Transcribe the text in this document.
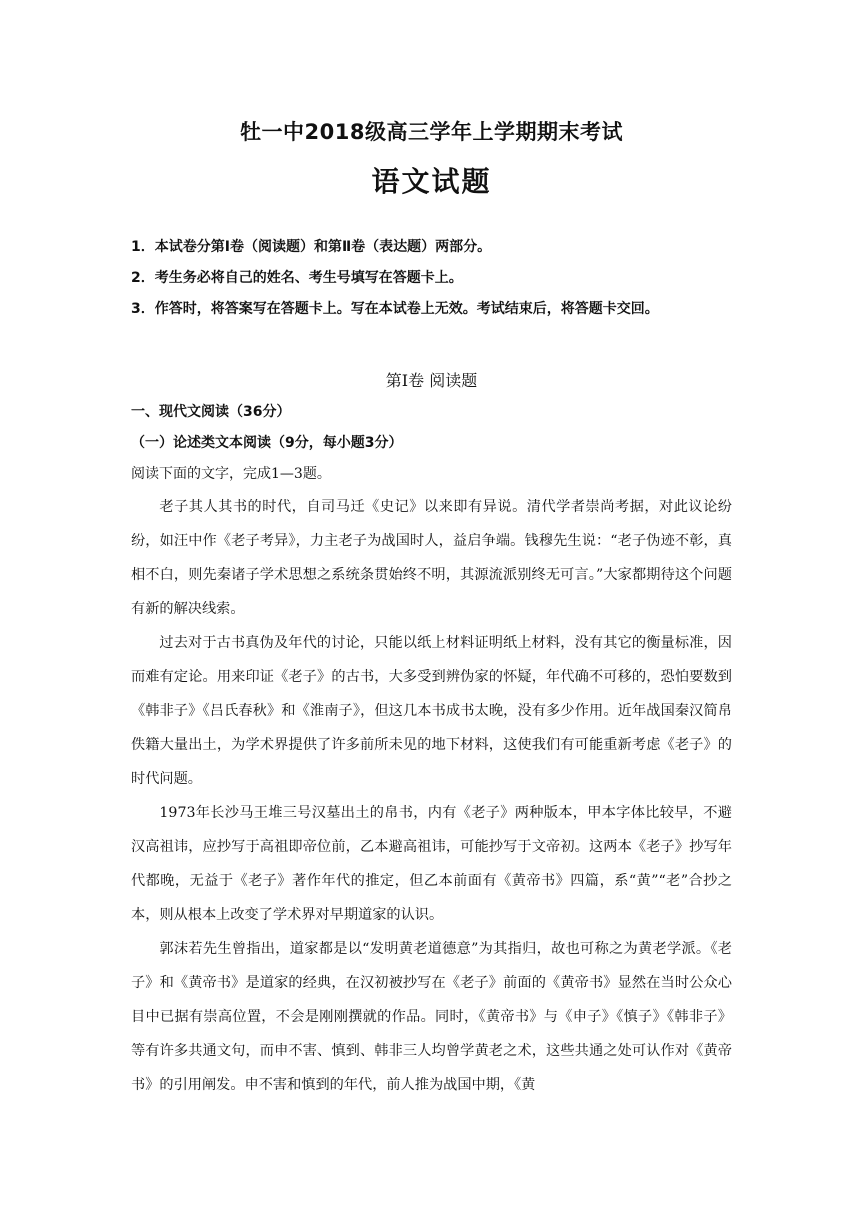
牡一中2018级高三学年上学期期末考试
语文试题
1．本试卷分第Ⅰ卷（阅读题）和第Ⅱ卷（表达题）两部分。
2．考生务必将自己的姓名、考生号填写在答题卡上。
3．作答时，将答案写在答题卡上。写在本试卷上无效。考试结束后，将答题卡交回。
第Ⅰ卷 阅读题
一、现代文阅读（36分）
（一）论述类文本阅读（9分，每小题3分）
阅读下面的文字，完成1—3题。

老子其人其书的时代，自司马迁《史记》以来即有异说。清代学者崇尚考据，对此议论纷纷，如汪中作《老子考异》，力主老子为战国时人，益启争端。钱穆先生说：“老子伪迹不彰，真相不白，则先秦诸子学术思想之系统条贯始终不明，其源流派别终无可言。”大家都期待这个问题有新的解决线索。

过去对于古书真伪及年代的讨论，只能以纸上材料证明纸上材料，没有其它的衡量标准，因而难有定论。用来印证《老子》的古书，大多受到辨伪家的怀疑，年代确不可移的，恐怕要数到《韩非子》《吕氏春秋》和《淮南子》，但这几本书成书太晚，没有多少作用。近年战国秦汉简帛佚籍大量出土，为学术界提供了许多前所未见的地下材料，这使我们有可能重新考虑《老子》的时代问题。

1973年长沙马王堆三号汉墓出土的帛书，内有《老子》两种版本，甲本字体比较早，不避汉高祖讳，应抄写于高祖即帝位前，乙本避高祖讳，可能抄写于文帝初。这两本《老子》抄写年代都晚，无益于《老子》著作年代的推定，但乙本前面有《黄帝书》四篇，系“黄”“老”合抄之本，则从根本上改变了学术界对早期道家的认识。

郭沫若先生曾指出，道家都是以“发明黄老道德意”为其指归，故也可称之为黄老学派。《老子》和《黄帝书》是道家的经典，在汉初被抄写在《老子》前面的《黄帝书》显然在当时公众心目中已据有崇高位置，不会是刚刚撰就的作品。同时，《黄帝书》与《申子》《慎子》《韩非子》等有许多共通文句，而申不害、慎到、韩非三人均曾学黄老之术，这些共通之处可认作对《黄帝书》的引用阐发。申不害和慎到的年代，前人推为战国中期，《黄
